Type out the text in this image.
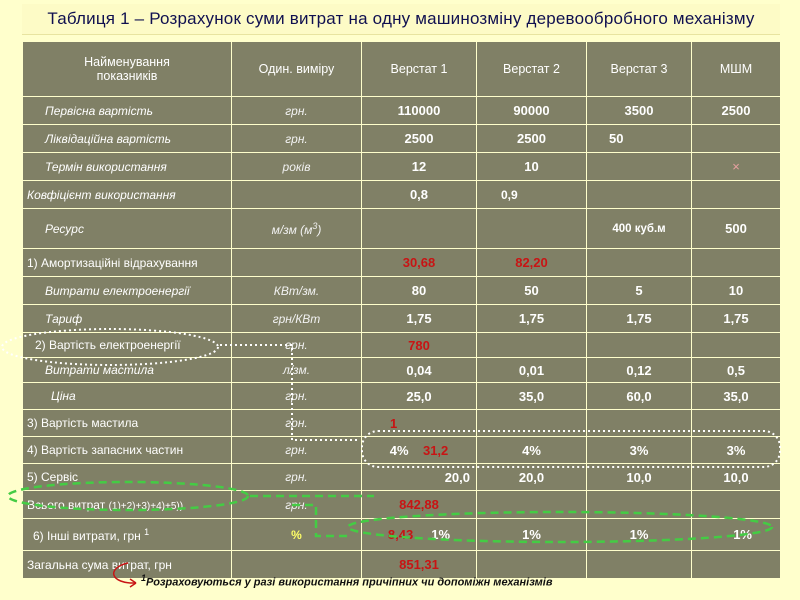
Таблиця 1 – Розрахунок суми витрат на одну машинозміну деревообробного механізму
Найменування
показників	Один. виміру	Верстат 1	Верстат 2	Верстат 3	МШМ
Первісна вартість	грн.	110000	90000	3500	2500
Ліквідаційна вартість	грн.	2500	2500	50	
Термін використання	років	12	10		×
Ковфіцієнт використання		0,8	0,9		
Ресурс	м/зм $(м^3)$			400 куб.м	500
1) Амортизаційні відрахування		30,68	82,20		
Витрати електроенергії	КВт/зм.	80	50	5	10
Тариф	грн/КВт	1,75	1,75	1,75	1,75
2) Вартість електроенергії	грн.	780			
Витрати мастила	л/зм.	0,04	0,01	0,12	0,5
Ціна	грн.	25,0	35,0	60,0	35,0
3) Вартість мастила	грн.	1			
4) Вартість запасних частин	грн.	4% 31,2	4%	3%	3%
5) Сервіс	грн.	20,0	20,0	10,0	10,0
Всього витрат (1)+2)+3)+4)+5))	грн.	842,88			
6) Інші витрати, грн $^1$	%	8,43 1%	1%	1%	1%
Загальна сума витрат, грн		851,31			
$^1$Розраховуються у разі використання причіпних чи допоміжн механізмів
